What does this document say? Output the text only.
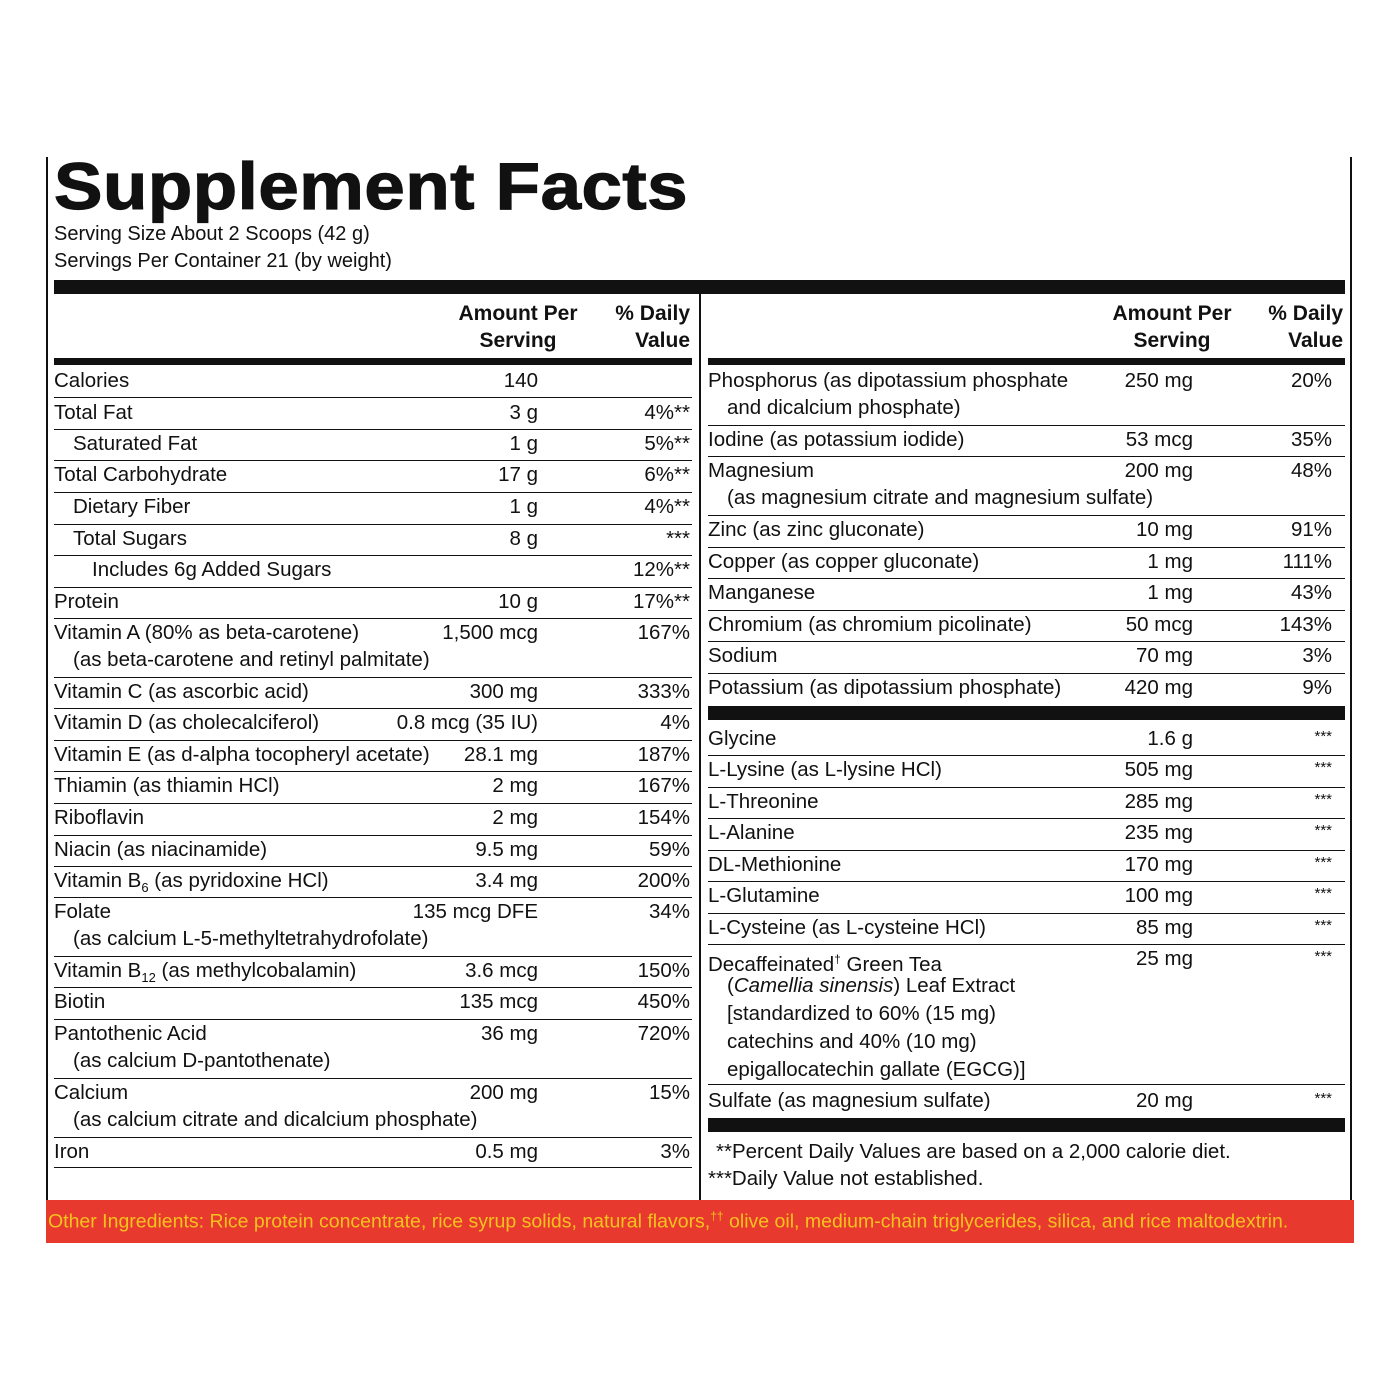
Supplement Facts
Serving Size About 2 Scoops (42 g)
Servings Per Container 21 (by weight)
Amount Per
Serving
% Daily
Value
Amount Per
Serving
% Daily
Value
Calories	140
Total Fat	3 g	4%**
Saturated Fat	1 g	5%**
Total Carbohydrate	17 g	6%**
Dietary Fiber	1 g	4%**
Total Sugars	8 g	***
Includes 6g Added Sugars	12%**
Protein	10 g	17%**
Vitamin A (80% as beta-carotene)
(as beta-carotene and retinyl palmitate)
1,500 mcg	167%
Vitamin C (as ascorbic acid)	300 mg	333%
Vitamin D (as cholecalciferol)	0.8 mcg (35 IU)	4%
Vitamin E (as d-alpha tocopheryl acetate) 28.1 mg	187%
Thiamin (as thiamin HCl)	2 mg	167%
Riboflavin	2 mg	154%
Niacin (as niacinamide)	9.5 mg	59%
Vitamin $B_6$ (as pyridoxine HCl)	3.4 mg	200%
Folate
(as calcium L-5-methyltetrahydrofolate)
135 mcg DFE	34%
Vitamin $B_{12}$ (as methylcobalamin)	3.6 mcg	150%
Biotin	135 mcg	450%
Pantothenic Acid
(as calcium D-pantothenate)
36 mg	720%
Calcium
(as calcium citrate and dicalcium phosphate)
200 mg	15%
Iron	0.5 mg	3%
Phosphorus (as dipotassium phosphate
and dicalcium phosphate)
250 mg	20%
Iodine (as potassium iodide)	53 mcg	35%
Magnesium
(as magnesium citrate and magnesium sulfate)
200 mg	48%
Zinc (as zinc gluconate)	10 mg	91%
Copper (as copper gluconate)	1 mg	111%
Manganese	1 mg	43%
Chromium (as chromium picolinate)	50 mcg	143%
Sodium	70 mg	3%
Potassium (as dipotassium phosphate)	420 mg	9%
Glycine	1.6 g	***
L-Lysine (as L-lysine HCl)	505 mg	***
L-Threonine	285 mg	***
L-Alanine	235 mg	***
DL-Methionine	170 mg	***
L-Glutamine	100 mg	***
L-Cysteine (as L-cysteine HCl)	85 mg	***
Decaffeinated† Green Tea
(Camellia sinensis) Leaf Extract
[standardized to 60% (15 mg)
catechins and 40% (10 mg)
epigallocatechin gallate (EGCG)]
25 mg	***
Sulfate (as magnesium sulfate)	20 mg	***
**Percent Daily Values are based on a 2,000 calorie diet.
***Daily Value not established.
Other Ingredients: Rice protein concentrate, rice syrup solids, natural flavors,†† olive oil, medium-chain triglycerides, silica, and rice maltodextrin.
